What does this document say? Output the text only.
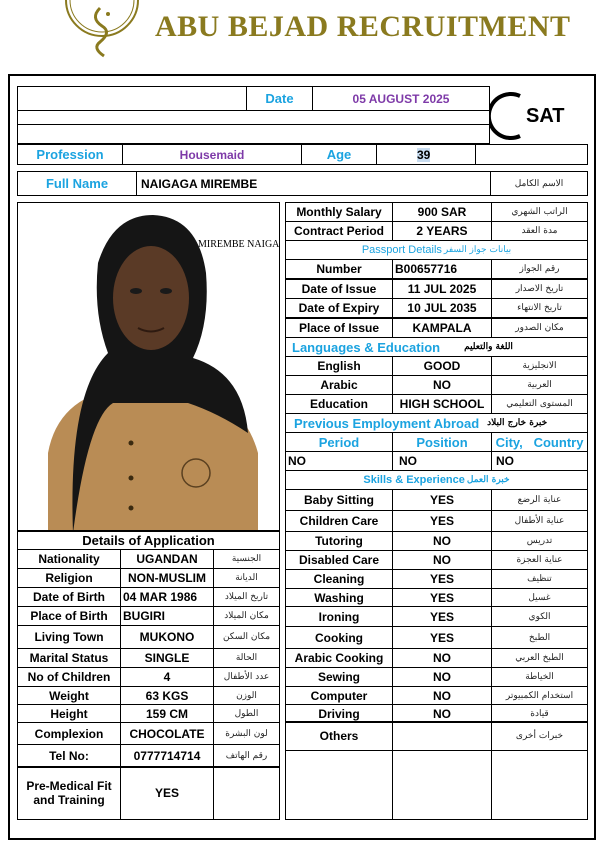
ABU BEJAD RECRUITMENT
Date	05 AUGUST 2025
SAT
Profession	Housemaid	Age	39
Full Name	NAIGAGA MIREMBE	الاسم الكامل
MIREMBE NAIGA
Monthly Salary	900 SAR	الراتب الشهري
Contract Period	2 YEARS	مدة العقد
Passport Details بيانات جواز السفر
Number	B00657716	رقم الجواز
Date of Issue	11 JUL 2025	تاريخ الاصدار
Date of Expiry	10 JUL 2035	تاريخ الانتهاء
Place of Issue	KAMPALA	مكان الصدور
Languages & Education	اللغة والتعليم
English	GOOD	الانجليزية
Arabic	NO	العربية
Education	HIGH SCHOOL	المستوى التعليمي
Previous Employment Abroad خبرة خارج البلاد
Period	Position	City,   Country
NO	NO	NO
Skills & Experience خبرة العمل
Baby Sitting	YES	عناية الرضع
Children Care	YES	عناية الأطفال
Tutoring	NO	تدريس
Disabled Care	NO	عناية العجزة
Cleaning	YES	تنظيف
Washing	YES	غسيل
Ironing	YES	الكوي
Cooking	YES	الطبخ
Arabic Cooking	NO	الطبخ العربي
Sewing	NO	الخياطة
Computer	NO	استخدام الكمبيوتر
Driving	NO	قيادة
Others	خبرات أخرى
Details of Application
Nationality	UGANDAN	الجنسية
Religion	NON-MUSLIM	الديانة
Date of Birth	04 MAR 1986	تاريخ الميلاد
Place of Birth	BUGIRI	مكان الميلاد
Living Town	MUKONO	مكان السكن
Marital Status	SINGLE	الحالة
No of Children	4	عدد الأطفال
Weight	63 KGS	الوزن
Height	159 CM	الطول
Complexion	CHOCOLATE	لون البشرة
Tel No:	0777714714	رقم الهاتف
Pre-Medical Fit and Training	YES
